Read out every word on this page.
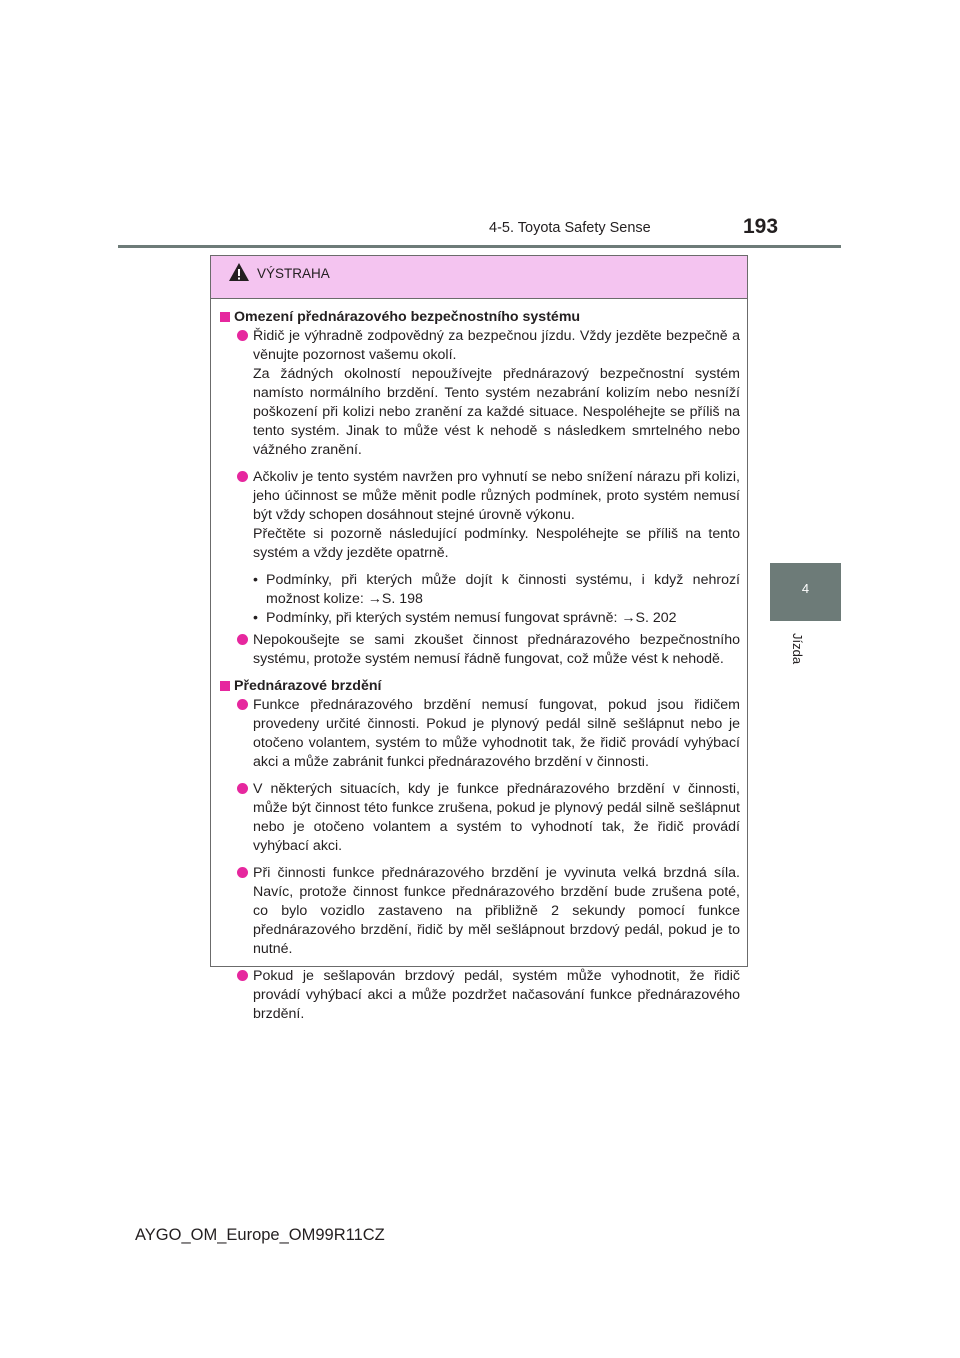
4-5. Toyota Safety Sense	193
4
Jízda
VÝSTRAHA
Omezení přednárazového bezpečnostního systému

Řidič je výhradně zodpovědný za bezpečnou jízdu. Vždy jezděte bezpečně a věnujte pozornost vašemu okolí.

Za žádných okolností nepoužívejte přednárazový bezpečnostní systém namísto normálního brzdění. Tento systém nezabrání kolizím nebo nesníží poškození při kolizi nebo zranění za každé situace. Nespoléhejte se příliš na tento systém. Jinak to může vést k nehodě s následkem smrtelného nebo vážného zranění.

Ačkoliv je tento systém navržen pro vyhnutí se nebo snížení nárazu při kolizi, jeho účinnost se může měnit podle různých podmínek, proto systém nemusí být vždy schopen dosáhnout stejné úrovně výkonu.

Přečtěte si pozorně následující podmínky. Nespoléhejte se příliš na tento systém a vždy jezděte opatrně.

• Podmínky, při kterých může dojít k činnosti systému, i když nehrozí možnost kolize: →S. 198
• Podmínky, při kterých systém nemusí fungovat správně: →S. 202

Nepokoušejte se sami zkoušet činnost přednárazového bezpečnostního systému, protože systém nemusí řádně fungovat, což může vést k nehodě.

Přednárazové brzdění

Funkce přednárazového brzdění nemusí fungovat, pokud jsou řidičem provedeny určité činnosti. Pokud je plynový pedál silně sešlápnut nebo je otočeno volantem, systém to může vyhodnotit tak, že řidič provádí vyhýbací akci a může zabránit funkci přednárazového brzdění v činnosti.

V některých situacích, kdy je funkce přednárazového brzdění v činnosti, může být činnost této funkce zrušena, pokud je plynový pedál silně sešlápnut nebo je otočeno volantem a systém to vyhodnotí tak, že řidič provádí vyhýbací akci.

Při činnosti funkce přednárazového brzdění je vyvinuta velká brzdná síla. Navíc, protože činnost funkce přednárazového brzdění bude zrušena poté, co bylo vozidlo zastaveno na přibližně 2 sekundy pomocí funkce přednárazového brzdění, řidič by měl sešlápnout brzdový pedál, pokud je to nutné.

Pokud je sešlapován brzdový pedál, systém může vyhodnotit, že řidič provádí vyhýbací akci a může pozdržet načasování funkce přednárazového brzdění.

AYGO_OM_Europe_OM99R11CZ
